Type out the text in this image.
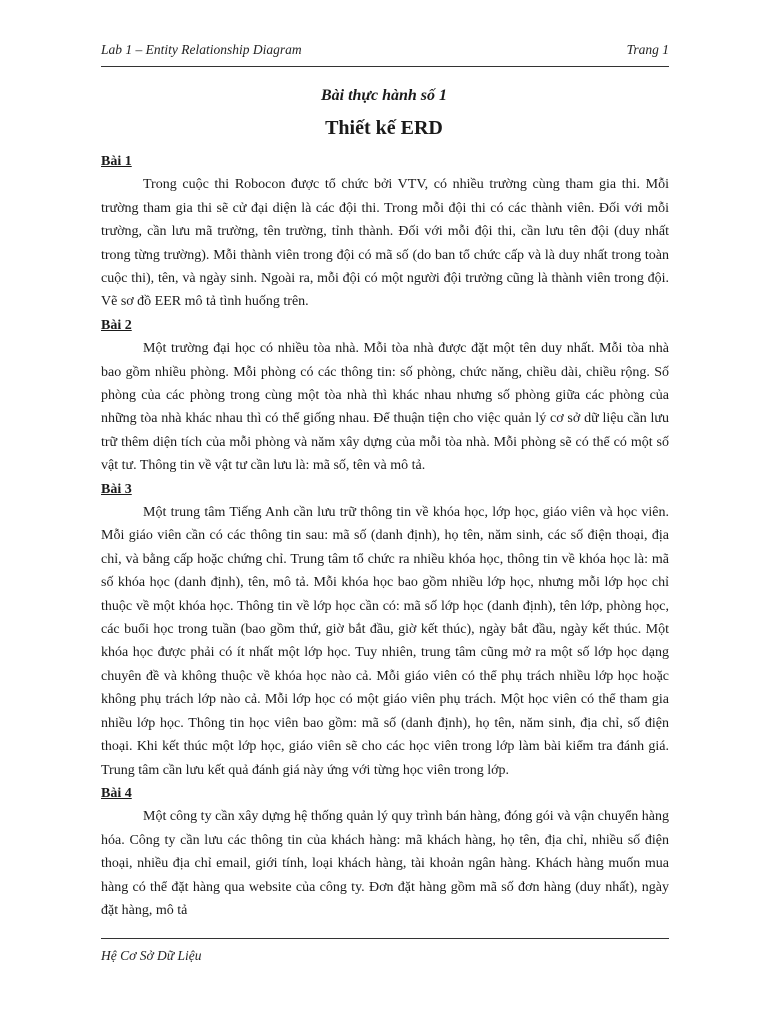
Lab 1 – Entity Relationship Diagram	Trang 1
Bài thực hành số 1
Thiết kế ERD

Bài 1

Trong cuộc thi Robocon được tổ chức bởi VTV, có nhiều trường cùng tham gia thi. Mỗi trường tham gia thi sẽ cử đại diện là các đội thi. Trong mỗi đội thi có các thành viên. Đối với mỗi trường, cần lưu mã trường, tên trường, tỉnh thành. Đối với mỗi đội thi, cần lưu tên đội (duy nhất trong từng trường). Mỗi thành viên trong đội có mã số (do ban tổ chức cấp và là duy nhất trong toàn cuộc thi), tên, và ngày sinh. Ngoài ra, mỗi đội có một người đội trưởng cũng là thành viên trong đội. Vẽ sơ đồ EER mô tả tình huống trên.

Bài 2

Một trường đại học có nhiều tòa nhà. Mỗi tòa nhà được đặt một tên duy nhất. Mỗi tòa nhà bao gồm nhiều phòng. Mỗi phòng có các thông tin: số phòng, chức năng, chiều dài, chiều rộng. Số phòng của các phòng trong cùng một tòa nhà thì khác nhau nhưng số phòng giữa các phòng của những tòa nhà khác nhau thì có thể giống nhau. Để thuận tiện cho việc quản lý cơ sở dữ liệu cần lưu trữ thêm diện tích của mỗi phòng và năm xây dựng của mỗi tòa nhà. Mỗi phòng sẽ có thể có một số vật tư. Thông tin về vật tư cần lưu là: mã số, tên và mô tả.

Bài 3

Một trung tâm Tiếng Anh cần lưu trữ thông tin về khóa học, lớp học, giáo viên và học viên. Mỗi giáo viên cần có các thông tin sau: mã số (danh định), họ tên, năm sinh, các số điện thoại, địa chỉ, và bằng cấp hoặc chứng chỉ. Trung tâm tổ chức ra nhiều khóa học, thông tin về khóa học là: mã số khóa học (danh định), tên, mô tả. Mỗi khóa học bao gồm nhiều lớp học, nhưng mỗi lớp học chỉ thuộc về một khóa học. Thông tin về lớp học cần có: mã số lớp học (danh định), tên lớp, phòng học, các buổi học trong tuần (bao gồm thứ, giờ bắt đầu, giờ kết thúc), ngày bắt đầu, ngày kết thúc. Một khóa học được phải có ít nhất một lớp học. Tuy nhiên, trung tâm cũng mở ra một số lớp học dạng chuyên đề và không thuộc về khóa học nào cả. Mỗi giáo viên có thể phụ trách nhiều lớp học hoặc không phụ trách lớp nào cả. Mỗi lớp học có một giáo viên phụ trách. Một học viên có thể tham gia nhiều lớp học. Thông tin học viên bao gồm: mã số (danh định), họ tên, năm sinh, địa chỉ, số điện thoại. Khi kết thúc một lớp học, giáo viên sẽ cho các học viên trong lớp làm bài kiểm tra đánh giá. Trung tâm cần lưu kết quả đánh giá này ứng với từng học viên trong lớp.

Bài 4

Một công ty cần xây dựng hệ thống quản lý quy trình bán hàng, đóng gói và vận chuyển hàng hóa. Công ty cần lưu các thông tin của khách hàng: mã khách hàng, họ tên, địa chỉ, nhiều số điện thoại, nhiều địa chỉ email, giới tính, loại khách hàng, tài khoản ngân hàng. Khách hàng muốn mua hàng có thể đặt hàng qua website của công ty. Đơn đặt hàng gồm mã số đơn hàng (duy nhất), ngày đặt hàng, mô tả

Hệ Cơ Sở Dữ Liệu
